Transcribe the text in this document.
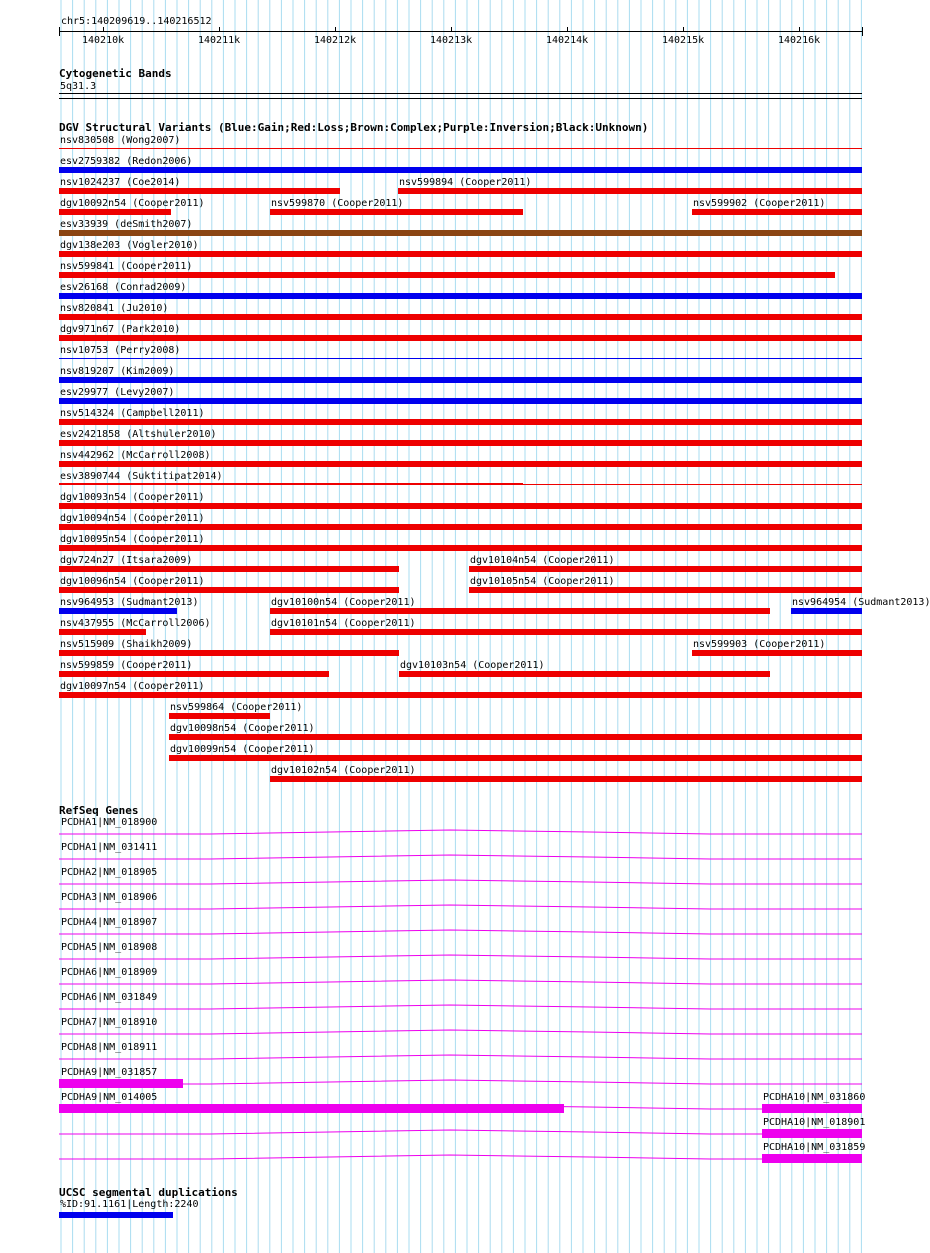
chr5:140209619..140216512
140210k	140211k	140212k	140213k	140214k	140215k	140216k
Cytogenetic Bands
5q31.3
DGV Structural Variants (Blue:Gain;Red:Loss;Brown:Complex;Purple:Inversion;Black:Unknown)
nsv830508 (Wong2007)
esv2759382 (Redon2006)
nsv1024237 (Coe2014)	nsv599894 (Cooper2011)
dgv10092n54 (Cooper2011)	nsv599870 (Cooper2011)	nsv599902 (Cooper2011)
esv33939 (deSmith2007)
dgv138e203 (Vogler2010)
nsv599841 (Cooper2011)
esv26168 (Conrad2009)
nsv820841 (Ju2010)
dgv971n67 (Park2010)
nsv10753 (Perry2008)
nsv819207 (Kim2009)
esv29977 (Levy2007)
nsv514324 (Campbell2011)
esv2421858 (Altshuler2010)
nsv442962 (McCarroll2008)
esv3890744 (Suktitipat2014)
dgv10093n54 (Cooper2011)
dgv10094n54 (Cooper2011)
dgv10095n54 (Cooper2011)
dgv724n27 (Itsara2009)	dgv10104n54 (Cooper2011)
dgv10096n54 (Cooper2011)	dgv10105n54 (Cooper2011)
nsv964953 (Sudmant2013)	dgv10100n54 (Cooper2011)	nsv964954 (Sudmant2013)
nsv437955 (McCarroll2006)	dgv10101n54 (Cooper2011)
nsv515909 (Shaikh2009)	nsv599903 (Cooper2011)
nsv599859 (Cooper2011)	dgv10103n54 (Cooper2011)
dgv10097n54 (Cooper2011)
nsv599864 (Cooper2011)
dgv10098n54 (Cooper2011)
dgv10099n54 (Cooper2011)
dgv10102n54 (Cooper2011)
RefSeq Genes
PCDHA1|NM_018900
PCDHA1|NM_031411
PCDHA2|NM_018905
PCDHA3|NM_018906
PCDHA4|NM_018907
PCDHA5|NM_018908
PCDHA6|NM_018909
PCDHA6|NM_031849
PCDHA7|NM_018910
PCDHA8|NM_018911
PCDHA9|NM_031857
PCDHA9|NM_014005	PCDHA10|NM_031860
PCDHA10|NM_018901
PCDHA10|NM_031859
UCSC segmental duplications
%ID:91.1161|Length:2240
